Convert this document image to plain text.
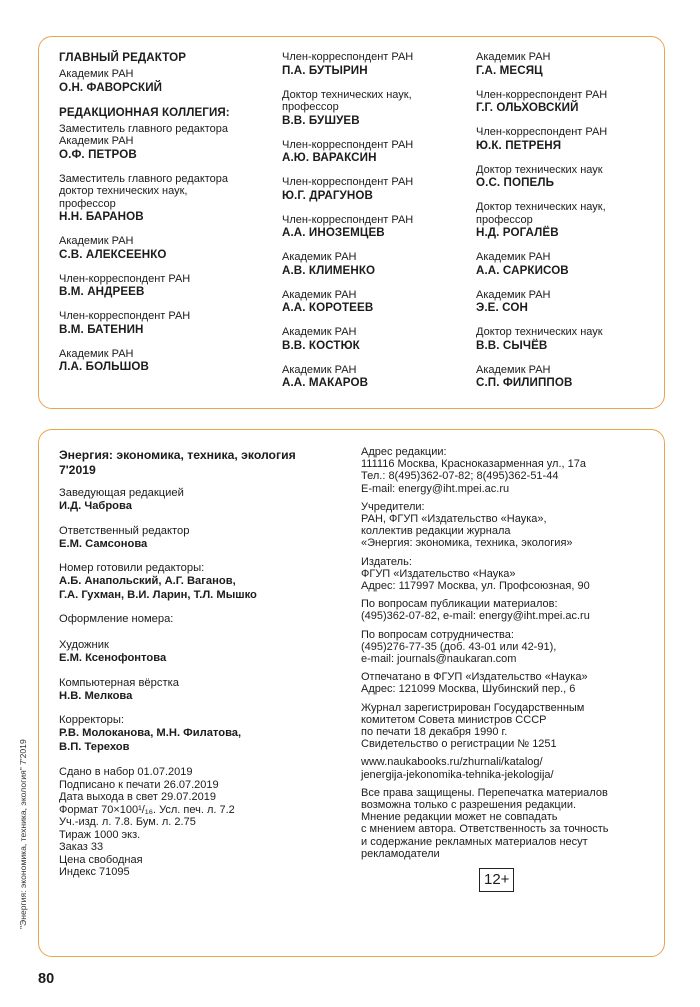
ГЛАВНЫЙ РЕДАКТОР
Академик РАН
О.Н. ФАВОРСКИЙ
РЕДАКЦИОННАЯ КОЛЛЕГИЯ:
Заместитель главного редактора
Академик РАН
О.Ф. ПЕТРОВ
Заместитель главного редактора
доктор технических наук,
профессор
Н.Н. БАРАНОВ
Академик РАН
С.В. АЛЕКСЕЕНКО
Член-корреспондент РАН
В.М. АНДРЕЕВ
Член-корреспондент РАН
В.М. БАТЕНИН
Академик РАН
Л.А. БОЛЬШОВ
Член-корреспондент РАН
П.А. БУТЫРИН
Доктор технических наук,
профессор
В.В. БУШУЕВ
Член-корреспондент РАН
А.Ю. ВАРАКСИН
Член-корреспондент РАН
Ю.Г. ДРАГУНОВ
Член-корреспондент РАН
А.А. ИНОЗЕМЦЕВ
Академик РАН
А.В. КЛИМЕНКО
Академик РАН
А.А. КОРОТЕЕВ
Академик РАН
В.В. КОСТЮК
Академик РАН
А.А. МАКАРОВ
Академик РАН
Г.А. МЕСЯЦ
Член-корреспондент РАН
Г.Г. ОЛЬХОВСКИЙ
Член-корреспондент РАН
Ю.К. ПЕТРЕНЯ
Доктор технических наук
О.С. ПОПЕЛЬ
Доктор технических наук,
профессор
Н.Д. РОГАЛЁВ
Академик РАН
А.А. САРКИСОВ
Академик РАН
Э.Е. СОН
Доктор технических наук
В.В. СЫЧЁВ
Академик РАН
С.П. ФИЛИППОВ
Энергия: экономика, техника, экология
7'2019
Заведующая редакцией
И.Д. Чаброва
Ответственный редактор
Е.М. Самсонова
Номер готовили редакторы:
А.Б. Анапольский, А.Г. Ваганов,
Г.А. Гухман, В.И. Ларин, Т.Л. Мышко
Оформление номера:

Художник
Е.М. Ксенофонтова
Компьютерная вёрстка
Н.В. Мелкова
Корректоры:
Р.В. Молоканова, М.Н. Филатова,
В.П. Терехов
Сдано в набор 01.07.2019
Подписано к печати 26.07.2019
Дата выхода в свет 29.07.2019
Формат 70×100¹/₁₆. Усл. печ. л. 7.2
Уч.-изд. л. 7.8. Бум. л. 2.75
Тираж 1000 экз.
Заказ 33
Цена свободная
Индекс 71095
Адрес редакции:
111116 Москва, Красноказарменная ул., 17а
Тел.: 8(495)362-07-82; 8(495)362-51-44
E-mail: energy@iht.mpei.ac.ru
Учредители:
РАН, ФГУП «Издательство «Наука»,
коллектив редакции журнала
«Энергия: экономика, техника, экология»
Издатель:
ФГУП «Издательство «Наука»
Адрес: 117997 Москва, ул. Профсоюзная, 90
По вопросам публикации материалов:
(495)362-07-82, e-mail: energy@iht.mpei.ac.ru
По вопросам сотрудничества:
(495)276-77-35 (доб. 43-01 или 42-91),
e-mail: journals@naukaran.com
Отпечатано в ФГУП «Издательство «Наука»
Адрес: 121099 Москва, Шубинский пер., 6
Журнал зарегистрирован Государственным
комитетом Совета министров СССР
по печати 18 декабря 1990 г.
Свидетельство о регистрации № 1251
www.naukabooks.ru/zhurnali/katalog/
jenergija-jekonomika-tehnika-jekologija/
Все права защищены. Перепечатка материалов
возможна только с разрешения редакции.
Мнение редакции может не совпадать
с мнением автора. Ответственность за точность
и содержание рекламных материалов несут
рекламодатели
12+
"Энергия: экономика, техника, экология" 7'2019
80
